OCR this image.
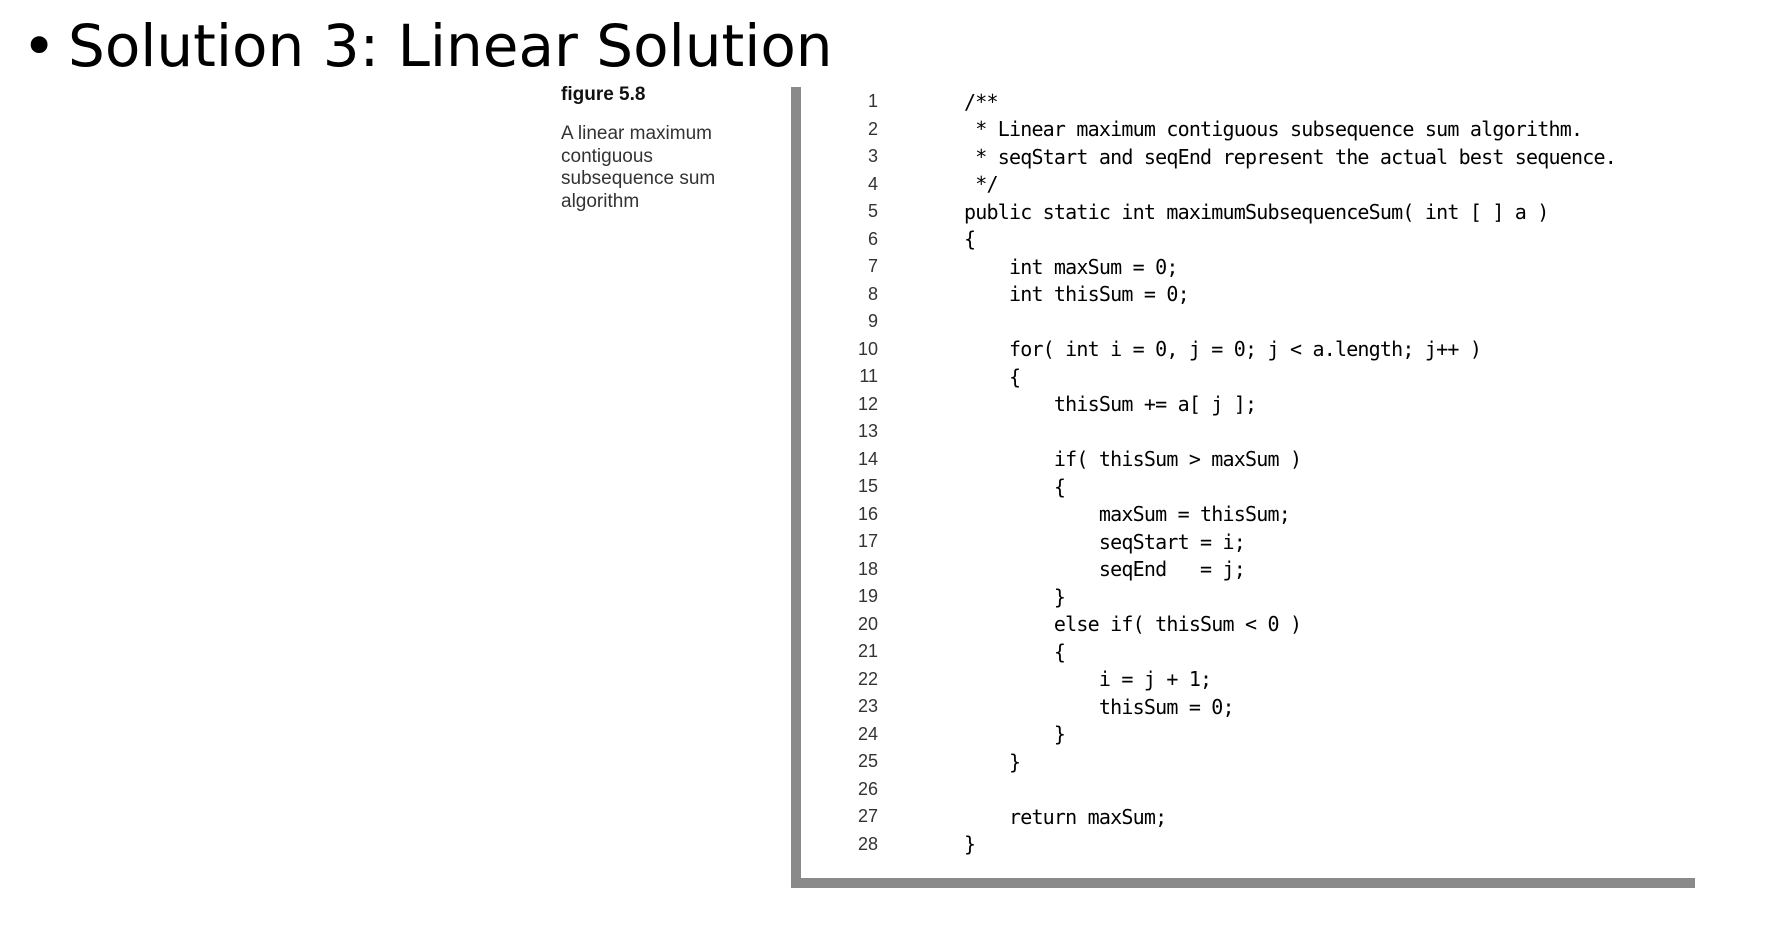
• Solution 3: Linear Solution
figure 5.8
A linear maximum contiguous subsequence sum algorithm
1	/**
2	* Linear maximum contiguous subsequence sum algorithm.
3	* seqStart and seqEnd represent the actual best sequence.
4	*/
5	public static int maximumSubsequenceSum( int [ ] a )
6	{
7	int maxSum = 0;
8	int thisSum = 0;
9
10	for( int i = 0, j = 0; j < a.length; j++ )
11	{
12	thisSum += a[ j ];
13
14	if( thisSum > maxSum )
15	{
16	maxSum = thisSum;
17	seqStart = i;
18	seqEnd   = j;
19	}
20	else if( thisSum < 0 )
21	{
22	i = j + 1;
23	thisSum = 0;
24	}
25	}
26
27	return maxSum;
28	}
